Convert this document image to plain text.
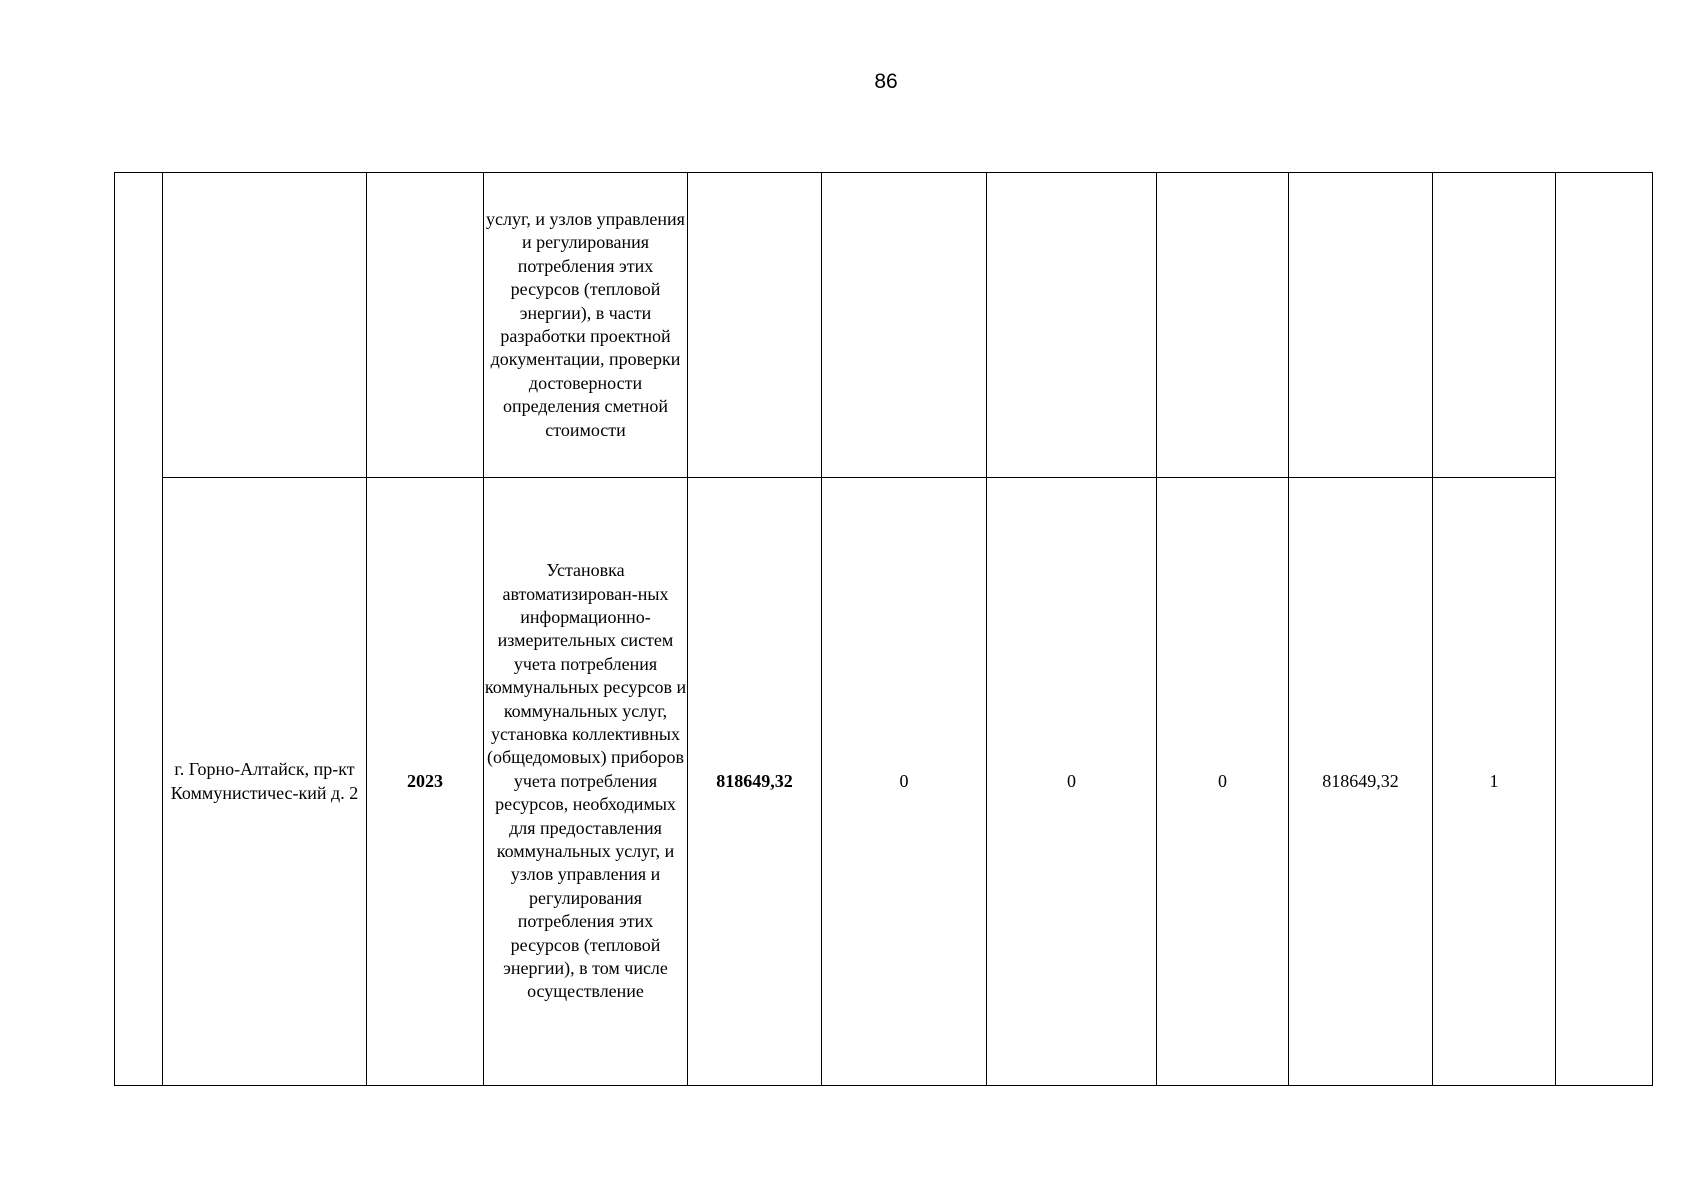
86
			услуг, и узлов управления и регулирования потребления этих ресурсов (тепловой энергии), в части разработки проектной документации, проверки достоверности определения сметной стоимости							
	г. Горно-Алтайск, пр-кт Коммунистичес-кий д. 2	2023	Установка автоматизирован-ных информационно-измерительных систем учета потребления коммунальных ресурсов и коммунальных услуг, установка коллективных (общедомовых) приборов учета потребления ресурсов, необходимых для предоставления коммунальных услуг, и узлов управления и регулирования потребления этих ресурсов (тепловой энергии), в том числе осуществление	818649,32	0	0	0	818649,32	1	
